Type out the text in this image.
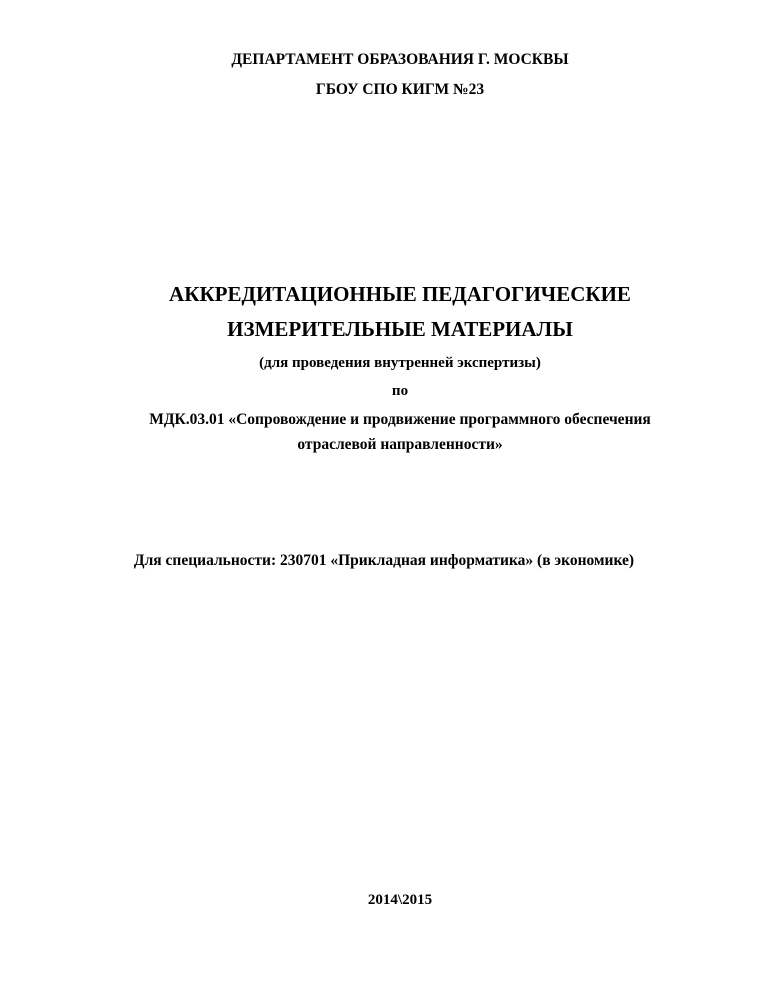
ДЕПАРТАМЕНТ ОБРАЗОВАНИЯ Г. МОСКВЫ
ГБОУ СПО КИГМ №23
АККРЕДИТАЦИОННЫЕ ПЕДАГОГИЧЕСКИЕ
ИЗМЕРИТЕЛЬНЫЕ МАТЕРИАЛЫ
(для проведения внутренней экспертизы)
по
МДК.03.01 «Сопровождение и продвижение программного обеспечения
отраслевой направленности»
Для специальности: 230701 «Прикладная информатика» (в экономике)
2014\2015
